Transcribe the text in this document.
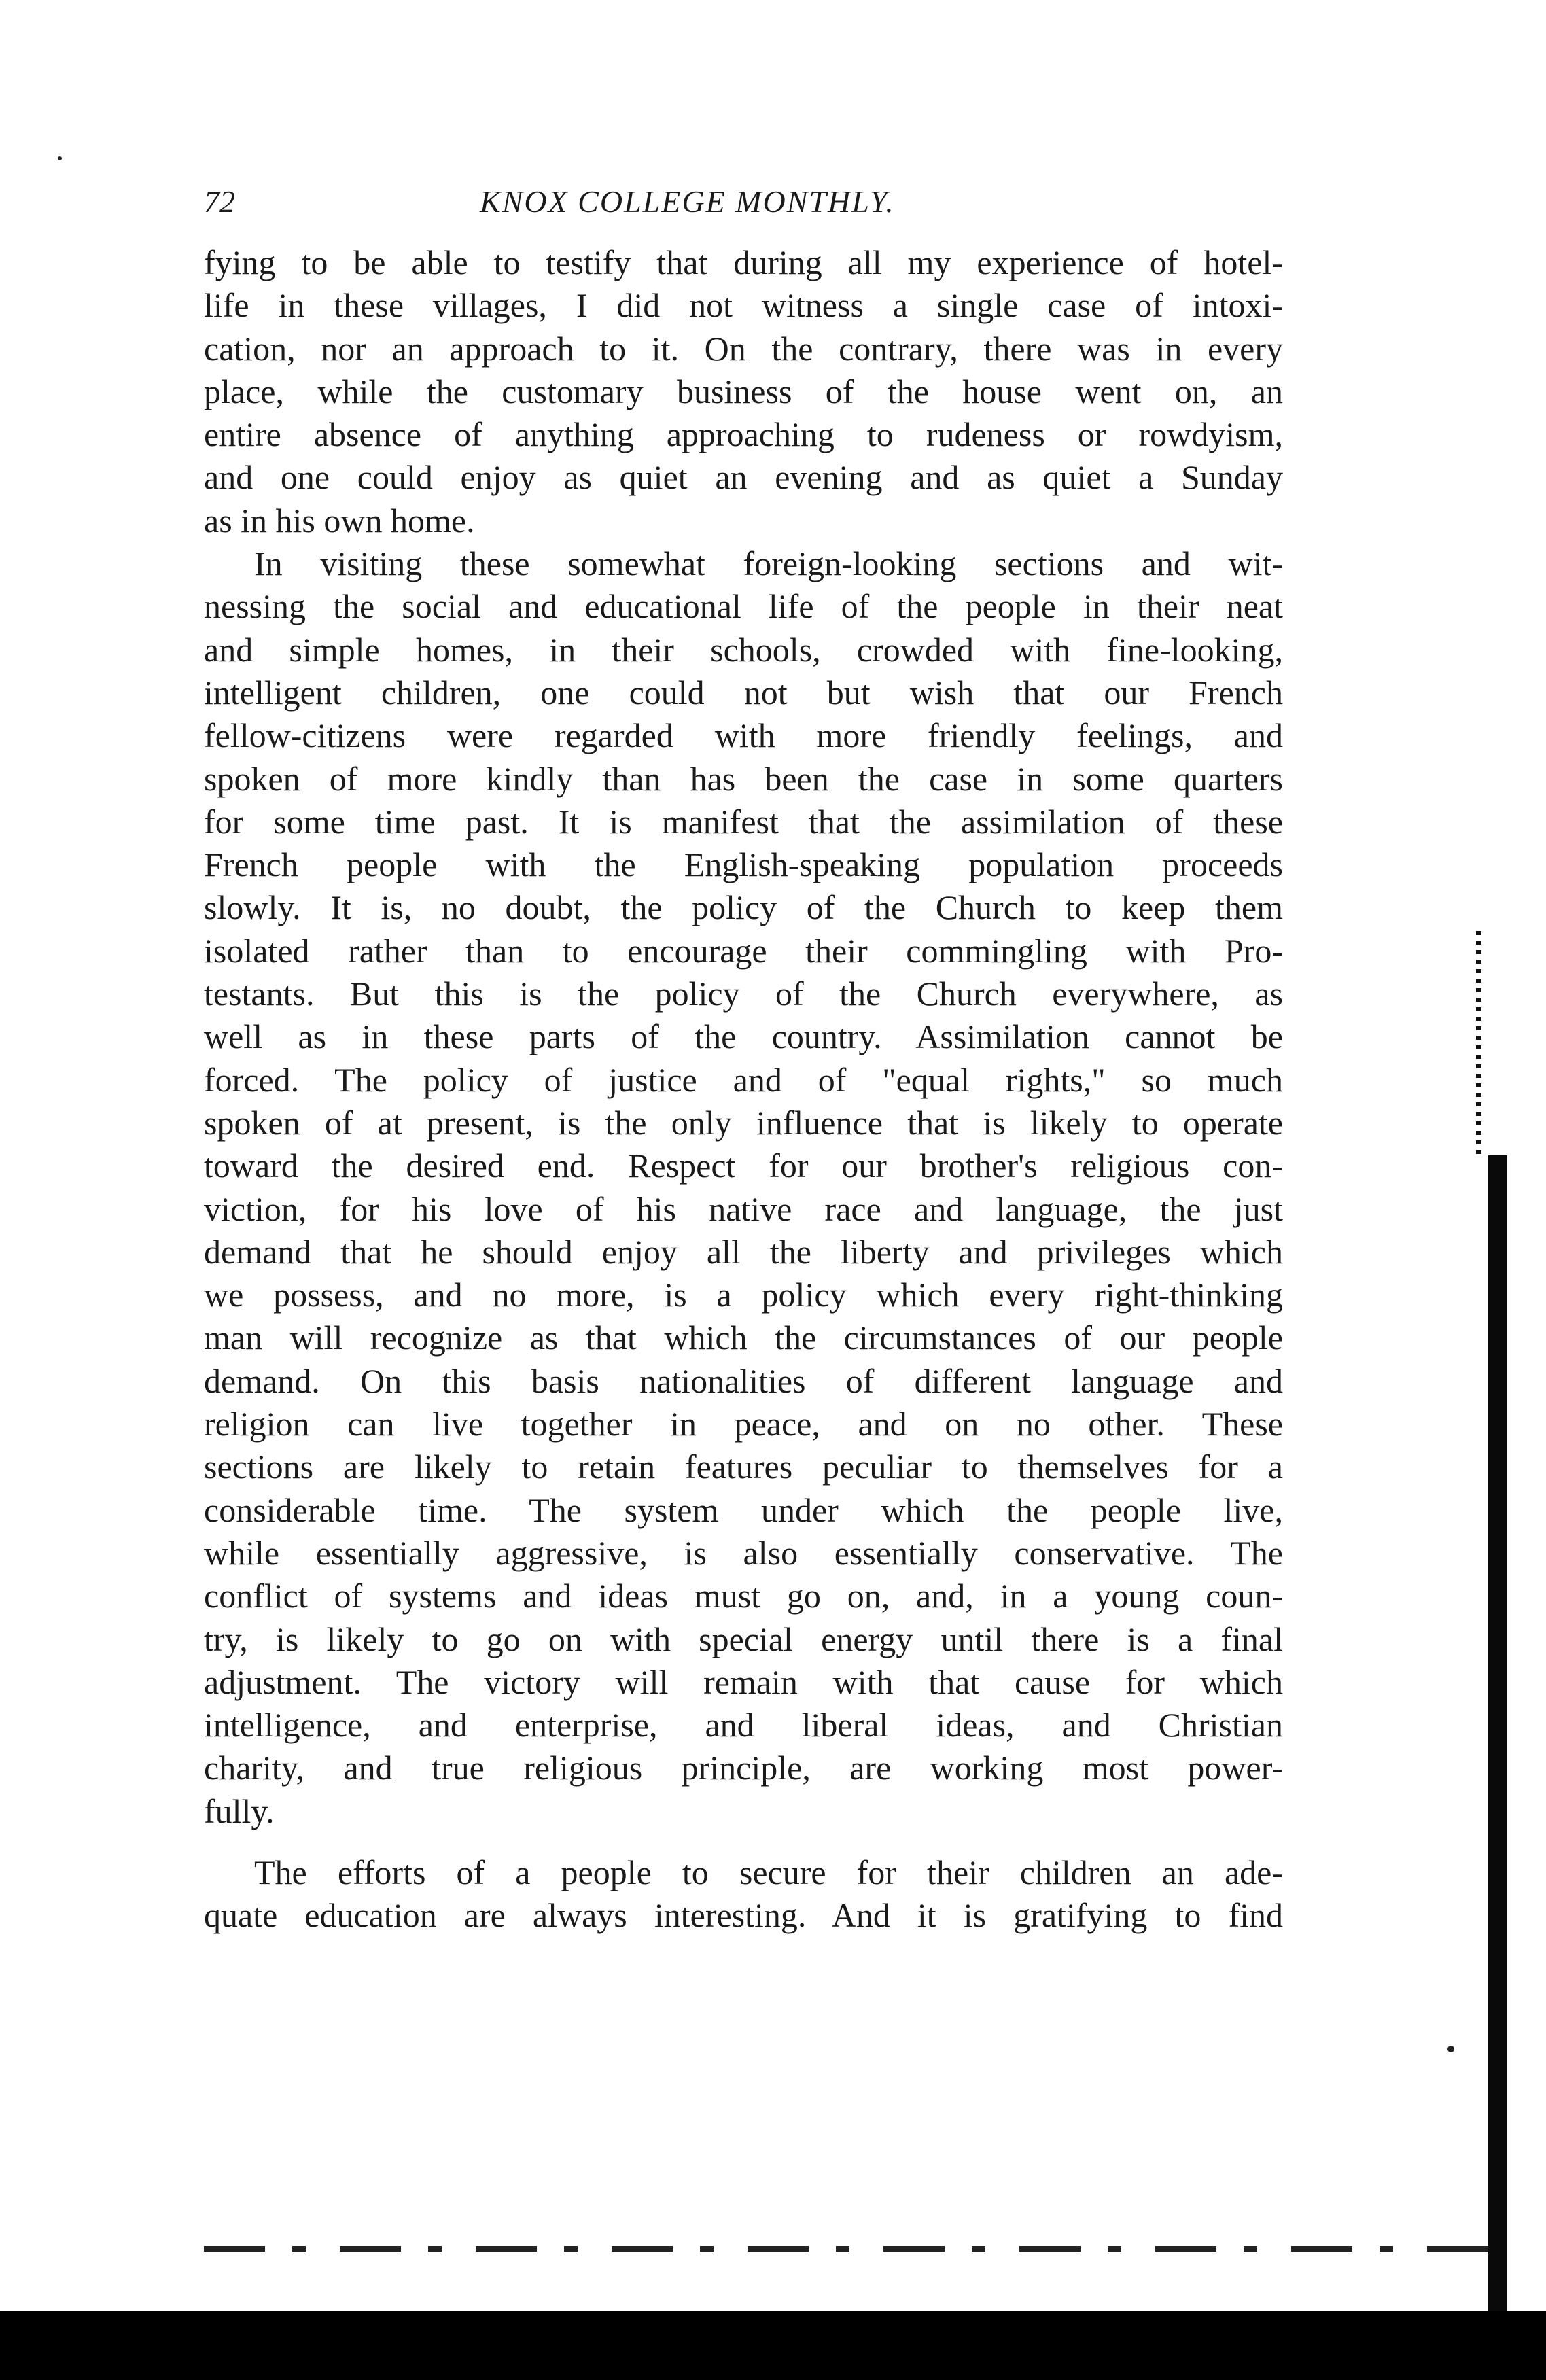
72	KNOX COLLEGE MONTHLY.

fying to be able to testify that during all my experience of hotel-
life in these villages, I did not witness a single case of intoxi-
cation, nor an approach to it. On the contrary, there was in every
place, while the customary business of the house went on, an
entire absence of anything approaching to rudeness or rowdyism,
and one could enjoy as quiet an evening and as quiet a Sunday
as in his own home.

In visiting these somewhat foreign-looking sections and wit-
nessing the social and educational life of the people in their neat
and simple homes, in their schools, crowded with fine-looking,
intelligent children, one could not but wish that our French
fellow-citizens were regarded with more friendly feelings, and
spoken of more kindly than has been the case in some quarters
for some time past. It is manifest that the assimilation of these
French people with the English-speaking population proceeds
slowly. It is, no doubt, the policy of the Church to keep them
isolated rather than to encourage their commingling with Pro-
testants. But this is the policy of the Church everywhere, as
well as in these parts of the country. Assimilation cannot be
forced. The policy of justice and of "equal rights," so much
spoken of at present, is the only influence that is likely to operate
toward the desired end. Respect for our brother's religious con-
viction, for his love of his native race and language, the just
demand that he should enjoy all the liberty and privileges which
we possess, and no more, is a policy which every right-thinking
man will recognize as that which the circumstances of our people
demand. On this basis nationalities of different language and
religion can live together in peace, and on no other. These
sections are likely to retain features peculiar to themselves for a
considerable time. The system under which the people live,
while essentially aggressive, is also essentially conservative. The
conflict of systems and ideas must go on, and, in a young coun-
try, is likely to go on with special energy until there is a final
adjustment. The victory will remain with that cause for which
intelligence, and enterprise, and liberal ideas, and Christian
charity, and true religious principle, are working most power-
fully.

The efforts of a people to secure for their children an ade-
quate education are always interesting. And it is gratifying to find
